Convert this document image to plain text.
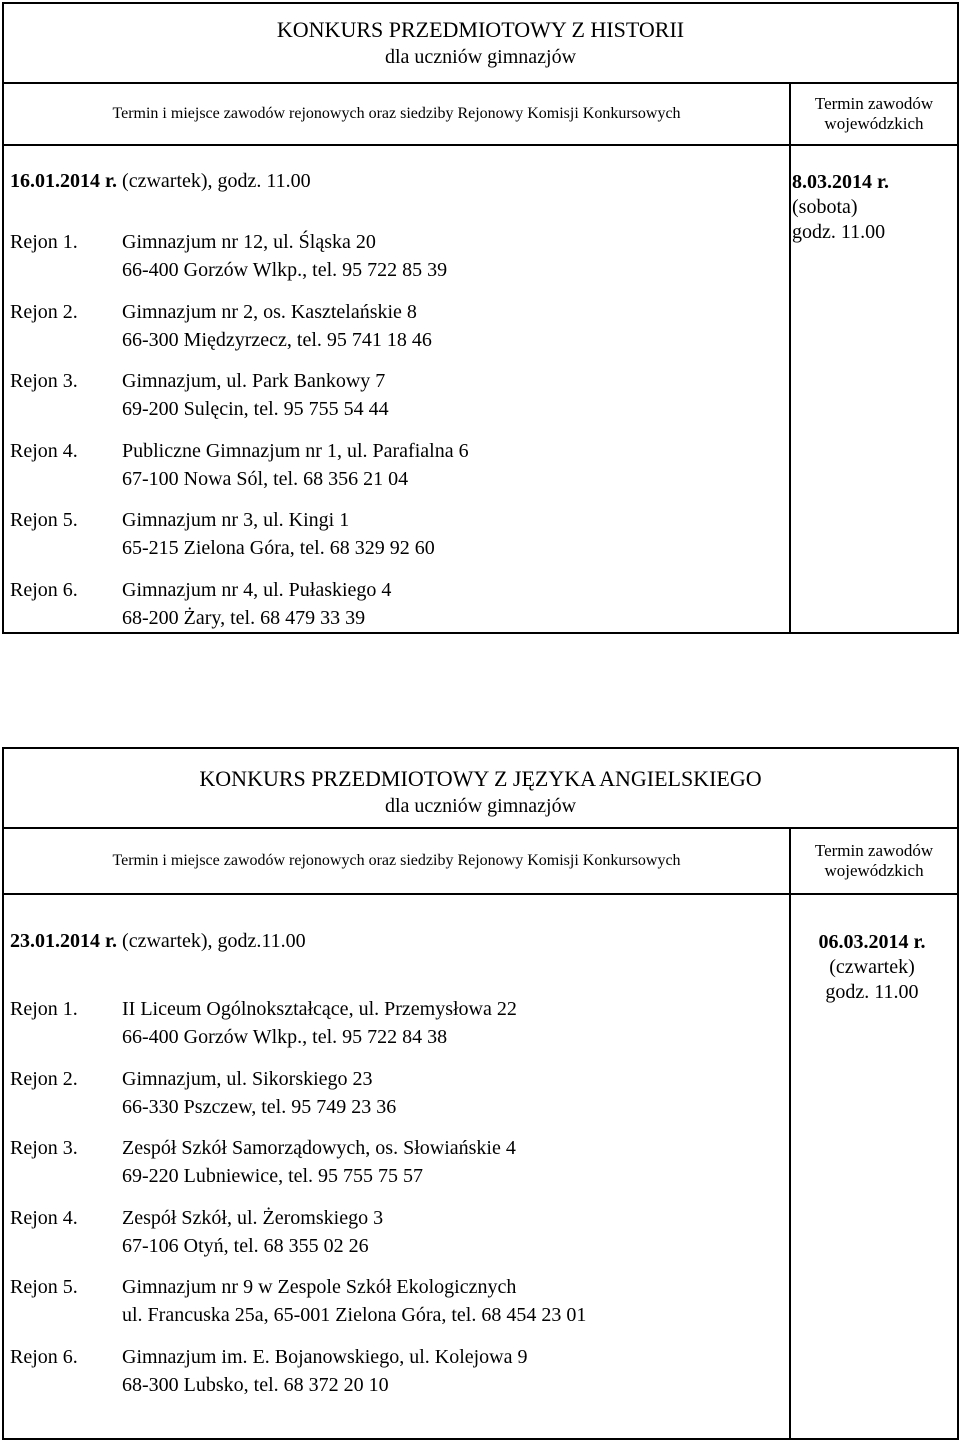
KONKURS PRZEDMIOTOWY Z HISTORII
dla uczniów gimnazjów	

Termin i miejsce zawodów rejonowych oraz siedziby Rejonowy Komisji Konkursowych	Termin zawodów
wojewódzkich

16.01.2014 r. (czwartek), godz. 11.00
Rejon 1. Gimnazjum nr 12, ul. Śląska 20
66-400 Gorzów Wlkp., tel. 95 722 85 39
Rejon 2. Gimnazjum nr 2, os. Kasztelańskie 8
66-300 Międzyrzecz, tel. 95 741 18 46
Rejon 3. Gimnazjum, ul. Park Bankowy 7
69-200 Sulęcin, tel. 95 755 54 44
Rejon 4. Publiczne Gimnazjum nr 1, ul. Parafialna 6
67-100 Nowa Sól, tel. 68 356 21 04
Rejon 5. Gimnazjum nr 3, ul. Kingi 1
65-215 Zielona Góra, tel. 68 329 92 60
Rejon 6. Gimnazjum nr 4, ul. Pułaskiego 4
68-200 Żary, tel. 68 479 33 39
8.03.2014 r.
(sobota)
godz. 11.00
KONKURS PRZEDMIOTOWY Z JĘZYKA ANGIELSKIEGO
dla uczniów gimnazjów	

Termin i miejsce zawodów rejonowych oraz siedziby Rejonowy Komisji Konkursowych	Termin zawodów
wojewódzkich

23.01.2014 r. (czwartek), godz.11.00
Rejon 1. II Liceum Ogólnokształcące, ul. Przemysłowa 22
66-400 Gorzów Wlkp., tel. 95 722 84 38
Rejon 2. Gimnazjum, ul. Sikorskiego 23
66-330 Pszczew, tel. 95 749 23 36
Rejon 3. Zespół Szkół Samorządowych, os. Słowiańskie 4
69-220 Lubniewice, tel. 95 755 75 57
Rejon 4. Zespół Szkół, ul. Żeromskiego 3
67-106 Otyń, tel. 68 355 02 26
Rejon 5. Gimnazjum nr 9 w Zespole Szkół Ekologicznych
ul. Francuska 25a, 65-001 Zielona Góra, tel. 68 454 23 01
Rejon 6. Gimnazjum im. E. Bojanowskiego, ul. Kolejowa 9
68-300 Lubsko, tel. 68 372 20 10
06.03.2014 r.
(czwartek)
godz. 11.00
